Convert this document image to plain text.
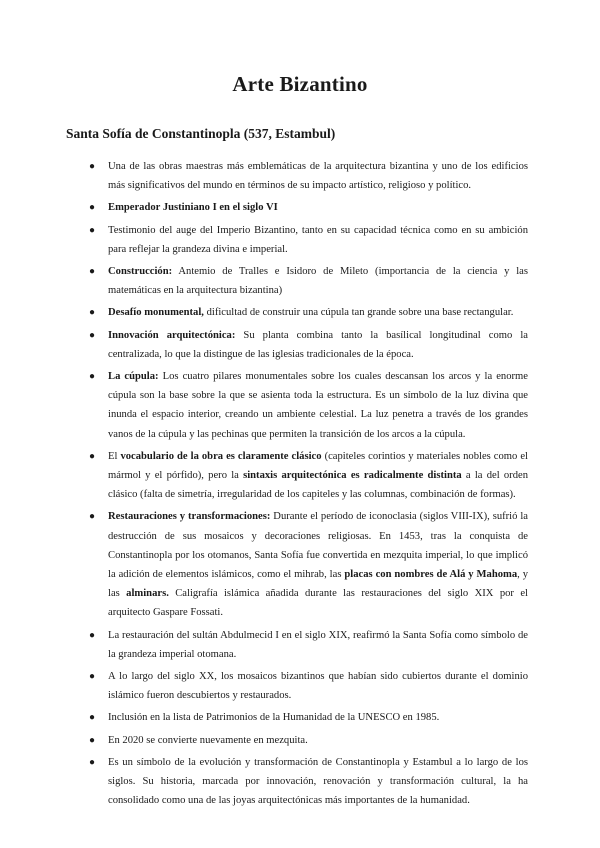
Arte Bizantino
Santa Sofía de Constantinopla (537, Estambul)
● Una de las obras maestras más emblemáticas de la arquitectura bizantina y uno de los edificios más significativos del mundo en términos de su impacto artístico, religioso y político.
● Emperador Justiniano I en el siglo VI
● Testimonio del auge del Imperio Bizantino, tanto en su capacidad técnica como en su ambición para reflejar la grandeza divina e imperial.
● Construcción: Antemio de Tralles e Isidoro de Mileto (importancia de la ciencia y las matemáticas en la arquitectura bizantina)
● Desafío monumental, dificultad de construir una cúpula tan grande sobre una base rectangular.
● Innovación arquitectónica: Su planta combina tanto la basílical longitudinal como la centralizada, lo que la distingue de las iglesias tradicionales de la época.
● La cúpula: Los cuatro pilares monumentales sobre los cuales descansan los arcos y la enorme cúpula son la base sobre la que se asienta toda la estructura. Es un símbolo de la luz divina que inunda el espacio interior, creando un ambiente celestial. La luz penetra a través de los grandes vanos de la cúpula y las pechinas que permiten la transición de los arcos a la cúpula.
● El vocabulario de la obra es claramente clásico (capiteles corintios y materiales nobles como el mármol y el pórfido), pero la sintaxis arquitectónica es radicalmente distinta a la del orden clásico (falta de simetría, irregularidad de los capiteles y las columnas, combinación de formas).
● Restauraciones y transformaciones: Durante el período de iconoclasia (siglos VIII-IX), sufrió la destrucción de sus mosaicos y decoraciones religiosas. En 1453, tras la conquista de Constantinopla por los otomanos, Santa Sofía fue convertida en mezquita imperial, lo que implicó la adición de elementos islámicos, como el mihrab, las placas con nombres de Alá y Mahoma, y las alminars. Caligrafía islámica añadida durante las restauraciones del siglo XIX por el arquitecto Gaspare Fossati.
● La restauración del sultán Abdulmecid I en el siglo XIX, reafirmó la Santa Sofía como símbolo de la grandeza imperial otomana.
● A lo largo del siglo XX, los mosaicos bizantinos que habían sido cubiertos durante el dominio islámico fueron descubiertos y restaurados.
● Inclusión en la lista de Patrimonios de la Humanidad de la UNESCO en 1985.
● En 2020 se convierte nuevamente en mezquita.
● Es un símbolo de la evolución y transformación de Constantinopla y Estambul a lo largo de los siglos. Su historia, marcada por innovación, renovación y transformación cultural, la ha consolidado como una de las joyas arquitectónicas más importantes de la humanidad.
